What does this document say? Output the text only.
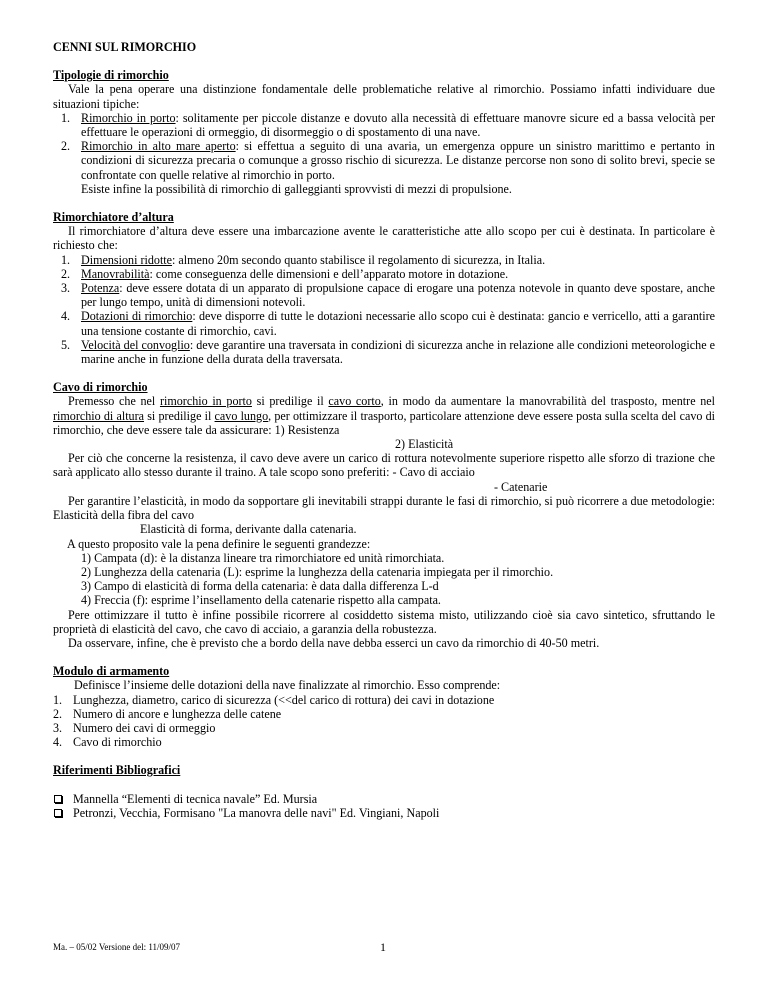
CENNI SUL RIMORCHIO

Tipologie di rimorchio

Vale la pena operare una distinzione fondamentale delle problematiche relative al rimorchio. Possiamo infatti individuare due situazioni tipiche:

1. Rimorchio in porto: solitamente per piccole distanze e dovuto alla necessità di effettuare manovre sicure ed a bassa velocità per effettuare le operazioni di ormeggio, di disormeggio o di spostamento di una nave.
2. Rimorchio in alto mare aperto: si effettua a seguito di una avaria, un emergenza oppure un sinistro marittimo e pertanto in condizioni di sicurezza precaria o comunque a grosso rischio di sicurezza. Le distanze percorse non sono di solito brevi, specie se confrontate con quelle relative al rimorchio in porto.

Esiste infine la possibilità di rimorchio di galleggianti sprovvisti di mezzi di propulsione.

Rimorchiatore d’altura

Il rimorchiatore d’altura deve essere una imbarcazione avente le caratteristiche atte allo scopo per cui è destinata. In particolare è richiesto che:

1. Dimensioni ridotte: almeno 20m secondo quanto stabilisce il regolamento di sicurezza, in Italia.
2. Manovrabilità: come conseguenza delle dimensioni e dell’apparato motore in dotazione.
3. Potenza: deve essere dotata di un apparato di propulsione capace di erogare una potenza notevole in quanto deve spostare, anche per lungo tempo, unità di dimensioni notevoli.
4. Dotazioni di rimorchio: deve disporre di tutte le dotazioni necessarie allo scopo cui è destinata: gancio e verricello, atti a garantire una tensione costante di rimorchio, cavi.
5. Velocità del convoglio: deve garantire una traversata in condizioni di sicurezza anche in relazione alle condizioni meteorologiche e marine anche in funzione della durata della traversata.

Cavo di rimorchio

Premesso che nel rimorchio in porto si predilige il cavo corto, in modo da aumentare la manovrabilità del trasposto, mentre nel rimorchio di altura si predilige il cavo lungo, per ottimizzare il trasporto, particolare attenzione deve essere posta sulla scelta del cavo di rimorchio, che deve essere tale da assicurare: 1) Resistenza

2) Elasticità

Per ciò che concerne la resistenza, il cavo deve avere un carico di rottura notevolmente superiore rispetto alle sforzo di trazione che sarà applicato allo stesso durante il traino. A tale scopo sono preferiti: - Cavo di acciaio

- Catenarie

Per garantire l’elasticità, in modo da sopportare gli inevitabili strappi durante le fasi di rimorchio, si può ricorrere a due metodologie: Elasticità della fibra del cavo

Elasticità di forma, derivante dalla catenaria.

A questo proposito vale la pena definire le seguenti grandezze:

1) Campata (d): è la distanza lineare tra rimorchiatore ed unità rimorchiata.

2) Lunghezza della catenaria (L): esprime la lunghezza della catenaria impiegata per il rimorchio.

3) Campo di elasticità di forma della catenaria: è data dalla differenza L-d

4) Freccia (f): esprime l’insellamento della catenarie rispetto alla campata.

Pere ottimizzare il tutto è infine possibile ricorrere al cosiddetto sistema misto, utilizzando cioè sia cavo sintetico, sfruttando le proprietà di elasticità del cavo, che cavo di acciaio, a garanzia della robustezza.

Da osservare, infine, che è previsto che a bordo della nave debba esserci un cavo da rimorchio di 40-50 metri.

Modulo di armamento

Definisce l’insieme delle dotazioni della nave finalizzate al rimorchio. Esso comprende:

1. Lunghezza, diametro, carico di sicurezza (<<del carico di rottura) dei cavi in dotazione
2. Numero di ancore e lunghezza delle catene
3. Numero dei cavi di ormeggio
4. Cavo di rimorchio

Riferimenti Bibliografici

Mannella “Elementi di tecnica navale” Ed. Mursia
Petronzi, Vecchia, Formisano "La manovra delle navi" Ed. Vingiani, Napoli
Ma. – 05/02 Versione del: 11/09/07	1
